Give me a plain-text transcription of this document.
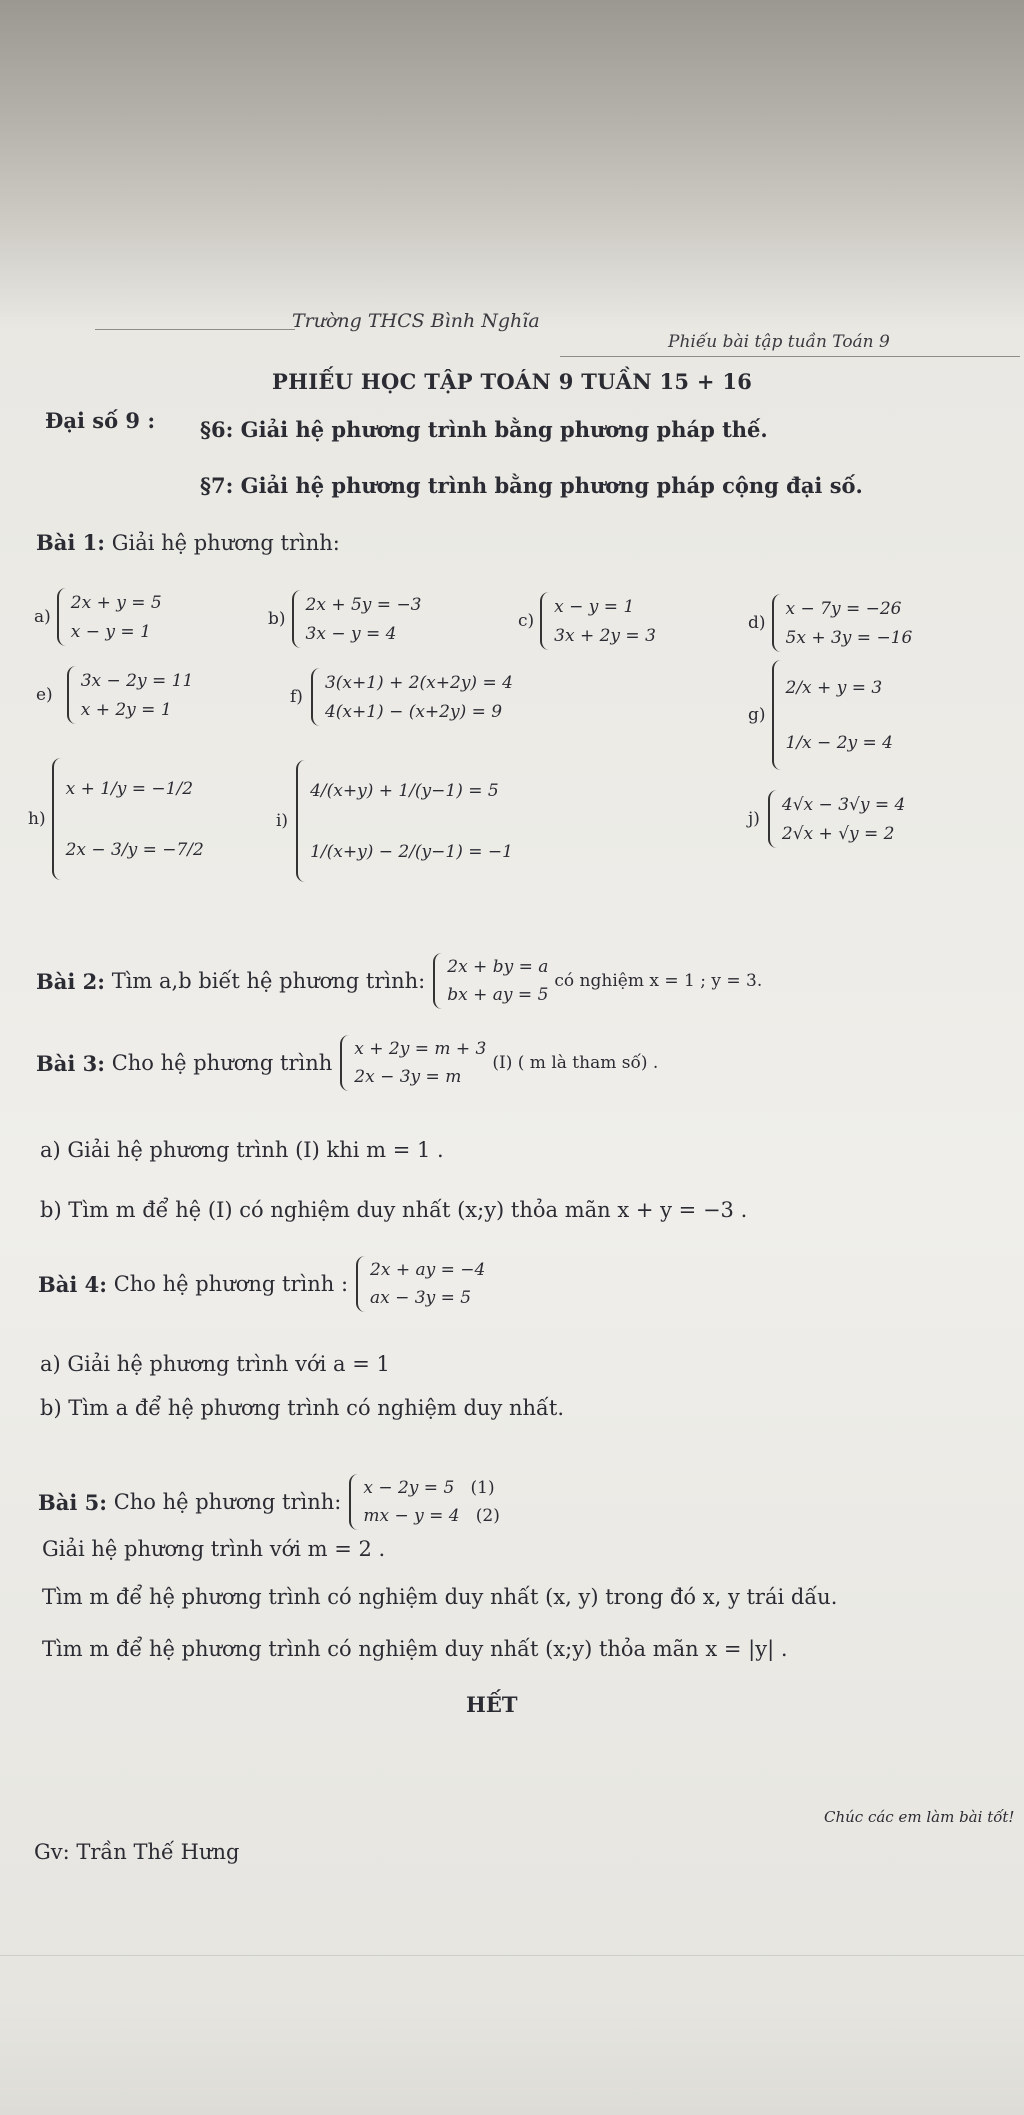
Trường THCS Bình Nghĩa
Phiếu bài tập tuần Toán 9
PHIẾU HỌC TẬP TOÁN 9 TUẦN 15 + 16
Đại số 9 : §6: Giải hệ phương trình bằng phương pháp thế.
§7: Giải hệ phương trình bằng phương pháp cộng đại số.
Bài 1: Giải hệ phương trình:
a)
2x + y = 5
x − y = 1
b)
2x + 5y = −3
3x − y = 4
c)
x − y = 1
3x + 2y = 3
d)
x − 7y = −26
5x + 3y = −16
e)
3x − 2y = 11
x + 2y = 1
f)
3(x+1) + 2(x+2y) = 4
4(x+1) − (x+2y) = 9	g)
2/x + y = 3
1/x − 2y = 4
h)
x + 1/y = −1/2
2x − 3/y = −7/2
i)
4/(x+y) + 1/(y−1) = 5
1/(x+y) − 2/(y−1) = −1
j)
4√x − 3√y = 4
2√x + √y = 2
Bài 2:
Tìm a,b biết hệ phương trình:
2x + by = a
bx + ay = 5
có nghiệm x = 1 ; y = 3.
Bài 3:
Cho hệ phương trình
x + 2y = m + 3
2x − 3y = m
(I) ( m là tham số) .
a) Giải hệ phương trình (I) khi m = 1 .
b) Tìm m để hệ (I) có nghiệm duy nhất (x;y) thỏa mãn x + y = −3 .
Bài 4:
Cho hệ phương trình :
2x + ay = −4
ax − 3y = 5
a) Giải hệ phương trình với a = 1
b) Tìm a để hệ phương trình có nghiệm duy nhất.
Bài 5:
Cho hệ phương trình:
x − 2y = 5 (1)
mx − y = 4 (2)
Giải hệ phương trình với m = 2 .
Tìm m để hệ phương trình có nghiệm duy nhất (x, y) trong đó x, y trái dấu.
Tìm m để hệ phương trình có nghiệm duy nhất (x;y) thỏa mãn x = |y| .
HẾT
Chúc các em làm bài tốt!
Gv: Trần Thế Hưng
